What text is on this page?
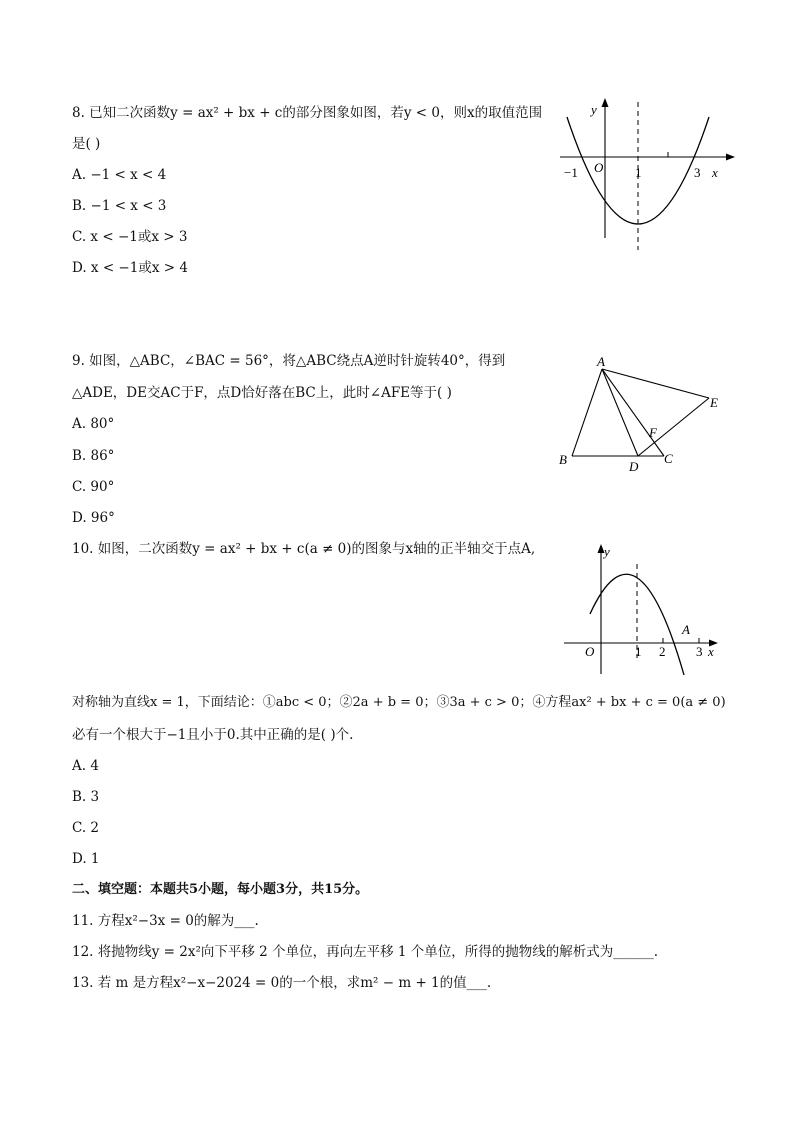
8. 已知二次函数y = ax² + bx + c的部分图象如图，若y < 0，则x的取值范围
是( )
A. −1 < x < 4
B. −1 < x < 3
C. x < −1或x > 3
D. x < −1或x > 4
y
x
O
−1	1	3
9. 如图，△ABC，∠BAC = 56°，将△ABC绕点A逆时针旋转40°，得到
△ADE，DE交AC于F，点D恰好落在BC上，此时∠AFE等于( )
A. 80°
B. 86°
C. 90°
D. 96°
A
B	C
D
E
F
10. 如图，二次函数y = ax² + bx + c(a ≠ 0)的图象与x轴的正半轴交于点A,	y
x
O	1 2 3
A
对称轴为直线x = 1，下面结论：①abc < 0；②2a + b = 0；③3a + c > 0；④方程ax² + bx + c = 0(a ≠ 0)
必有一个根大于−1且小于0.其中正确的是( )个.
A. 4
B. 3
C. 2
D. 1
二、填空题：本题共5小题，每小题3分，共15分。
11. 方程x²−3x = 0的解为___.
12. 将抛物线y = 2x²向下平移 2 个单位，再向左平移 1 个单位，所得的抛物线的解析式为______.
13. 若 m 是方程x²−x−2024 = 0的一个根，求m² − m + 1的值___.
